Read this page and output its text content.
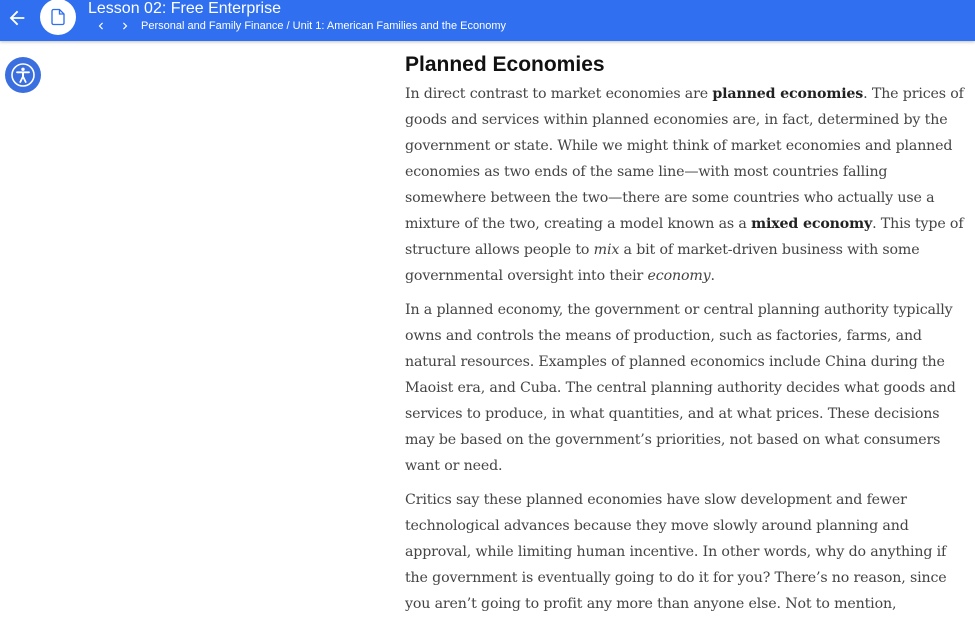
Lesson 02: Free Enterprise
Personal and Family Finance / Unit 1: American Families and the Economy
Planned Economies

In direct contrast to market economies are planned economies. The prices of goods and services within planned economies are, in fact, determined by the government or state. While we might think of market economies and planned economies as two ends of the same line—with most countries falling somewhere between the two—there are some countries who actually use a mixture of the two, creating a model known as a mixed economy. This type of structure allows people to mix a bit of market-driven business with some governmental oversight into their economy.

In a planned economy, the government or central planning authority typically owns and controls the means of production, such as factories, farms, and natural resources. Examples of planned economics include China during the Maoist era, and Cuba. The central planning authority decides what goods and services to produce, in what quantities, and at what prices. These decisions may be based on the government’s priorities, not based on what consumers want or need.

Critics say these planned economies have slow development and fewer technological advances because they move slowly around planning and approval, while limiting human incentive. In other words, why do anything if the government is eventually going to do it for you? There’s no reason, since you aren’t going to profit any more than anyone else. Not to mention,
